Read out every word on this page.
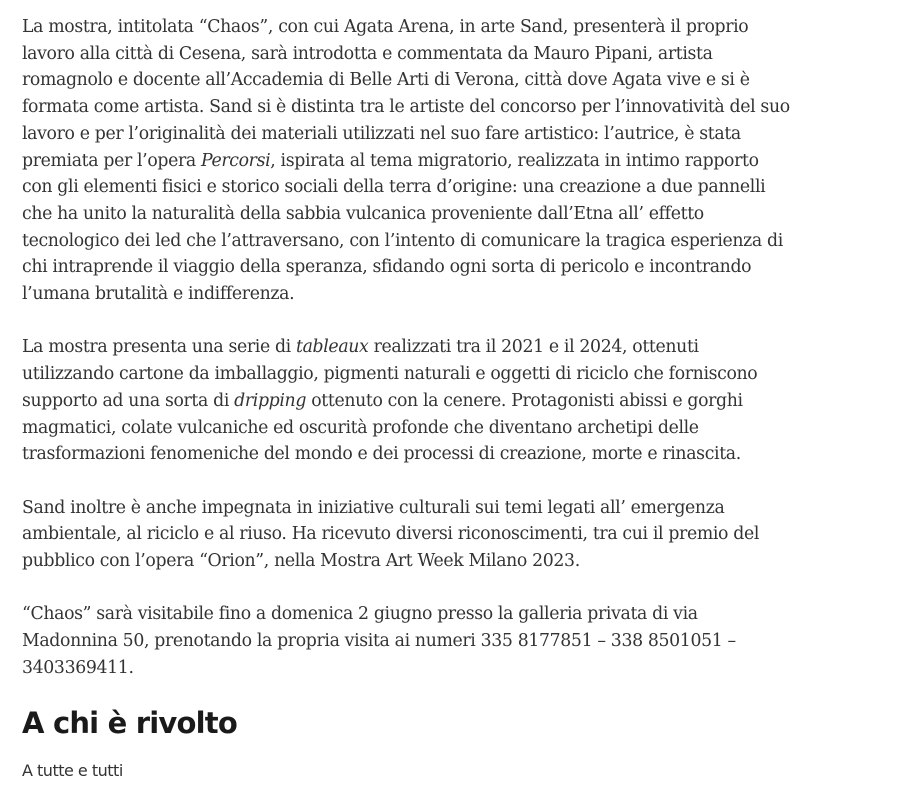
La mostra, intitolata “Chaos”, con cui Agata Arena, in arte Sand, presenterà il proprio lavoro alla città di Cesena, sarà introdotta e commentata da Mauro Pipani, artista romagnolo e docente all’Accademia di Belle Arti di Verona, città dove Agata vive e si è formata come artista. Sand si è distinta tra le artiste del concorso per l’innovatività del suo lavoro e per l’originalità dei materiali utilizzati nel suo fare artistico: l’autrice, è stata premiata per l’opera Percorsi, ispirata al tema migratorio, realizzata in intimo rapporto con gli elementi fisici e storico sociali della terra d’origine: una creazione a due pannelli che ha unito la naturalità della sabbia vulcanica proveniente dall’Etna all’ effetto tecnologico dei led che l’attraversano, con l’intento di comunicare la tragica esperienza di chi intraprende il viaggio della speranza, sfidando ogni sorta di pericolo e incontrando l’umana brutalità e indifferenza.

La mostra presenta una serie di tableaux realizzati tra il 2021 e il 2024, ottenuti utilizzando cartone da imballaggio, pigmenti naturali e oggetti di riciclo che forniscono supporto ad una sorta di dripping ottenuto con la cenere. Protagonisti abissi e gorghi magmatici, colate vulcaniche ed oscurità profonde che diventano archetipi delle trasformazioni fenomeniche del mondo e dei processi di creazione, morte e rinascita.

Sand inoltre è anche impegnata in iniziative culturali sui temi legati all’ emergenza ambientale, al riciclo e al riuso. Ha ricevuto diversi riconoscimenti, tra cui il premio del pubblico con l’opera “Orion”, nella Mostra Art Week Milano 2023.

“Chaos” sarà visitabile fino a domenica 2 giugno presso la galleria privata di via Madonnina 50, prenotando la propria visita ai numeri 335 8177851 – 338 8501051 – 3403369411.

A chi è rivolto
A tutte e tutti
